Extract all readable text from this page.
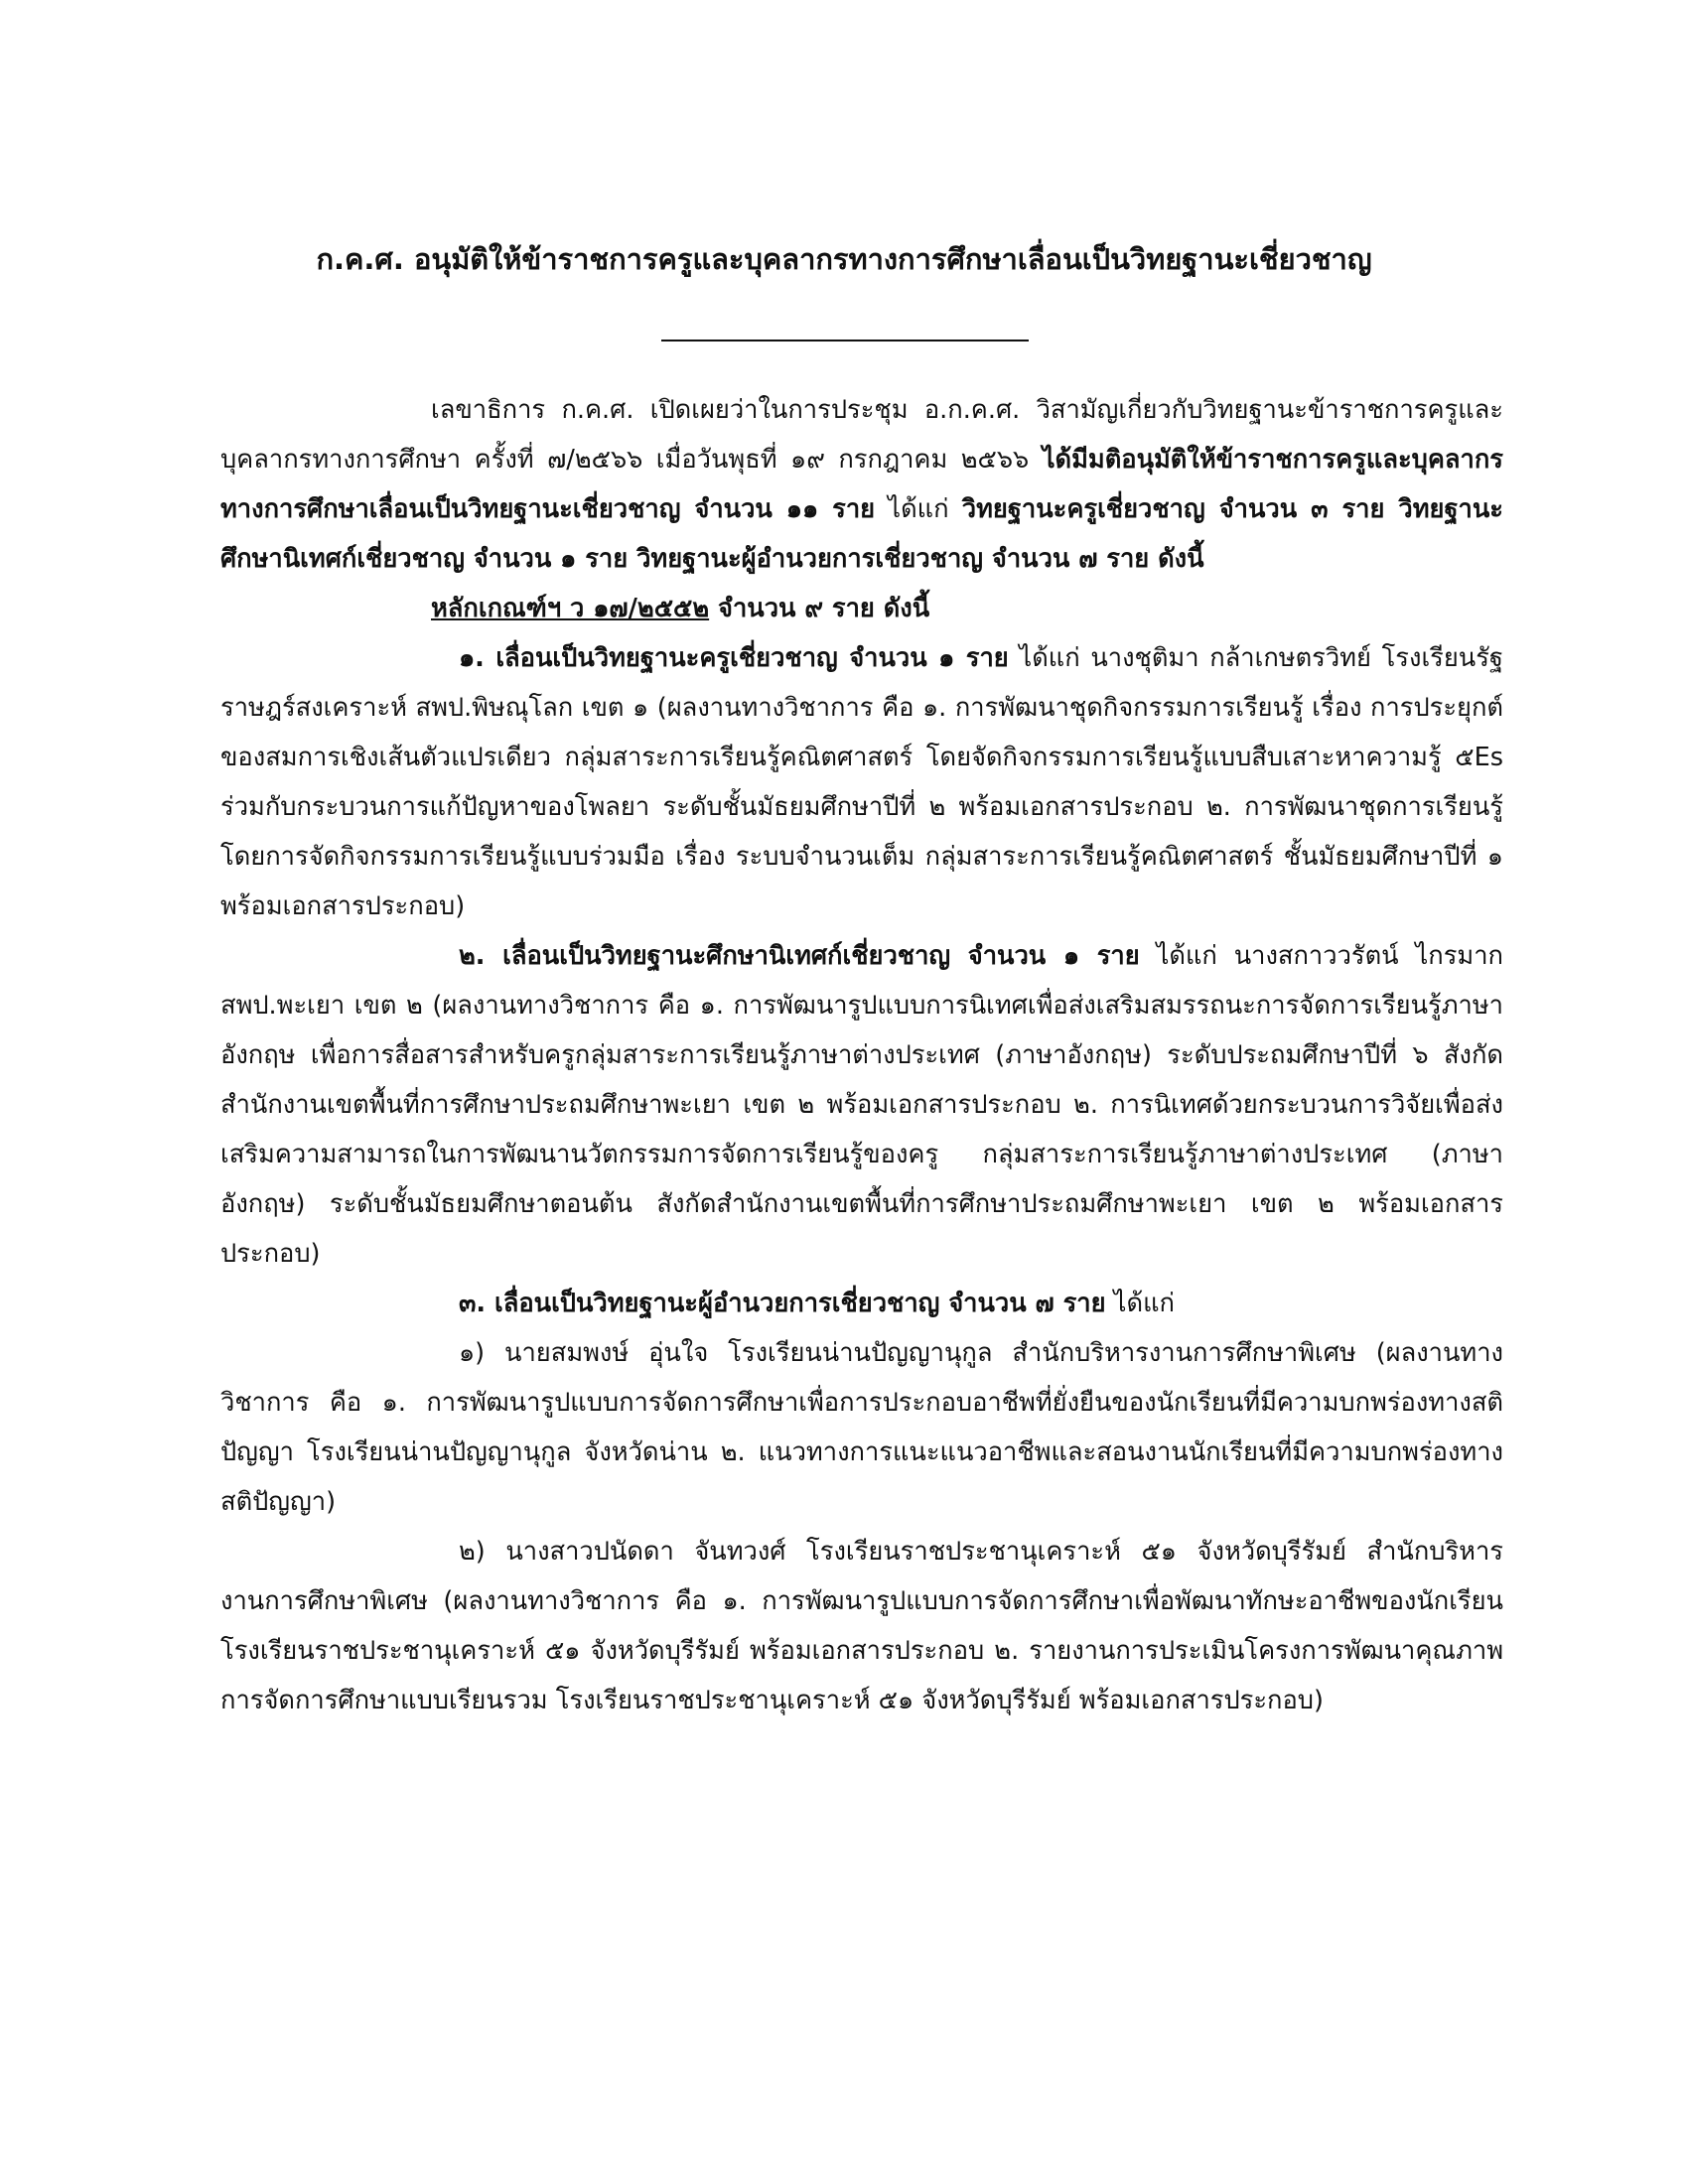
ก.ค.ศ. อนุมัติให้ข้าราชการครูและบุคลากรทางการศึกษาเลื่อนเป็นวิทยฐานะเชี่ยวชาญ

เลขาธิการ ก.ค.ศ. เปิดเผยว่าในการประชุม อ.ก.ค.ศ. วิสามัญเกี่ยวกับวิทยฐานะข้าราชการครูและบุคลากรทางการศึกษา ครั้งที่ ๗/๒๕๖๖ เมื่อวันพุธที่ ๑๙ กรกฎาคม ๒๕๖๖ ได้มีมติอนุมัติให้ข้าราชการครูและบุคลากรทางการศึกษาเลื่อนเป็นวิทยฐานะเชี่ยวชาญ จำนวน ๑๑ ราย ได้แก่ วิทยฐานะครูเชี่ยวชาญ จำนวน ๓ ราย วิทยฐานะศึกษานิเทศก์เชี่ยวชาญ จำนวน ๑ ราย วิทยฐานะผู้อำนวยการเชี่ยวชาญ จำนวน ๗ ราย ดังนี้

หลักเกณฑ์ฯ ว ๑๗/๒๕๕๒ จำนวน ๙ ราย ดังนี้

๑. เลื่อนเป็นวิทยฐานะครูเชี่ยวชาญ จำนวน ๑ ราย ได้แก่ นางชุติมา กล้าเกษตรวิทย์ โรงเรียนรัฐราษฎร์สงเคราะห์ สพป.พิษณุโลก เขต ๑ (ผลงานทางวิชาการ คือ ๑. การพัฒนาชุดกิจกรรมการเรียนรู้ เรื่อง การประยุกต์ของสมการเชิงเส้นตัวแปรเดียว กลุ่มสาระการเรียนรู้คณิตศาสตร์ โดยจัดกิจกรรมการเรียนรู้แบบสืบเสาะหาความรู้ ๕Es ร่วมกับกระบวนการแก้ปัญหาของโพลยา ระดับชั้นมัธยมศึกษาปีที่ ๒ พร้อมเอกสารประกอบ ๒. การพัฒนาชุดการเรียนรู้โดยการจัดกิจกรรมการเรียนรู้แบบร่วมมือ เรื่อง ระบบจำนวนเต็ม กลุ่มสาระการเรียนรู้คณิตศาสตร์ ชั้นมัธยมศึกษาปีที่ ๑ พร้อมเอกสารประกอบ)

๒. เลื่อนเป็นวิทยฐานะศึกษานิเทศก์เชี่ยวชาญ จำนวน ๑ ราย ได้แก่ นางสกาววรัตน์ ไกรมาก สพป.พะเยา เขต ๒ (ผลงานทางวิชาการ คือ ๑. การพัฒนารูปแบบการนิเทศเพื่อส่งเสริมสมรรถนะการจัดการเรียนรู้ภาษาอังกฤษ เพื่อการสื่อสารสำหรับครูกลุ่มสาระการเรียนรู้ภาษาต่างประเทศ (ภาษาอังกฤษ) ระดับประถมศึกษาปีที่ ๖ สังกัดสำนักงานเขตพื้นที่การศึกษาประถมศึกษาพะเยา เขต ๒ พร้อมเอกสารประกอบ ๒. การนิเทศด้วยกระบวนการวิจัยเพื่อส่งเสริมความสามารถในการพัฒนานวัตกรรมการจัดการเรียนรู้ของครู กลุ่มสาระการเรียนรู้ภาษาต่างประเทศ (ภาษาอังกฤษ) ระดับชั้นมัธยมศึกษาตอนต้น สังกัดสำนักงานเขตพื้นที่การศึกษาประถมศึกษาพะเยา เขต ๒ พร้อมเอกสารประกอบ)

๓. เลื่อนเป็นวิทยฐานะผู้อำนวยการเชี่ยวชาญ จำนวน ๗ ราย ได้แก่

๑) นายสมพงษ์ อุ่นใจ โรงเรียนน่านปัญญานุกูล สำนักบริหารงานการศึกษาพิเศษ (ผลงานทางวิชาการ คือ ๑. การพัฒนารูปแบบการจัดการศึกษาเพื่อการประกอบอาชีพที่ยั่งยืนของนักเรียนที่มีความบกพร่องทางสติปัญญา โรงเรียนน่านปัญญานุกูล จังหวัดน่าน ๒. แนวทางการแนะแนวอาชีพและสอนงานนักเรียนที่มีความบกพร่องทางสติปัญญา)

๒) นางสาวปนัดดา จันทวงศ์ โรงเรียนราชประชานุเคราะห์ ๕๑ จังหวัดบุรีรัมย์ สำนักบริหารงานการศึกษาพิเศษ (ผลงานทางวิชาการ คือ ๑. การพัฒนารูปแบบการจัดการศึกษาเพื่อพัฒนาทักษะอาชีพของนักเรียนโรงเรียนราชประชานุเคราะห์ ๕๑ จังหวัดบุรีรัมย์ พร้อมเอกสารประกอบ ๒. รายงานการประเมินโครงการพัฒนาคุณภาพการจัดการศึกษาแบบเรียนรวม โรงเรียนราชประชานุเคราะห์ ๕๑ จังหวัดบุรีรัมย์ พร้อมเอกสารประกอบ)
